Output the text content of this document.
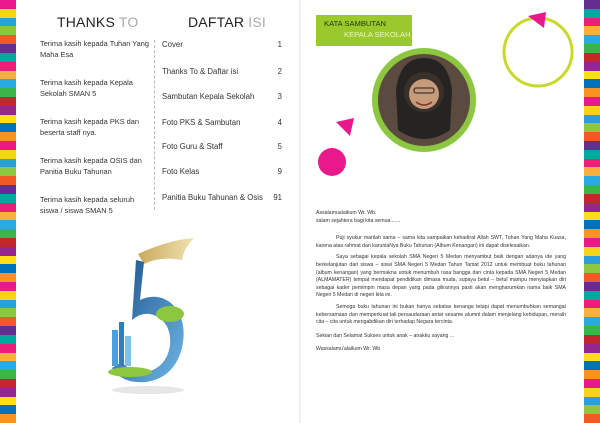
THANKS TO	DAFTAR ISI
Terima kasih kepada Tuhan Yang Maha Esa
Terima kasih kepada Kepala Sekolah SMAN 5
Terima kasih kepada PKS dan beserta staff nya.
Terima kasih kepada OSIS dan Panitia Buku Tahunan
Terima kasih kepada seluruh siswa / siswa SMAN 5
Cover	1
Thanks To & Daftar isi	2
Sambutan Kepala Sekolah	3
Foto PKS & Sambutan	4
Foto Guru & Staff	5
Foto Kelas	9
Panitia Buku Tahunan & Osis 91
KATA SAMBUTAN
KEPALA SEKOLAH

Assalamualaikum Wr. Wb.

salam sejahtera bagi kita semua ......

Puji syukur marilah sama – sama kita sampaikan kehadirat Allah SWT, Tuhan Yang Maha Kuasa, karena atas rahmat dan karuniaNya Buku Tahunan (Album Kenangan) ini dapat diselesaikan.

Saya sebagai kepala sekolah SMA Negeri 5 Medan menyambut baik dengan adanya ide yang berkelanjutan dari siswa – siswi SMA Negeri 5 Medan Tahun Tamat 2012 untuk membuat buku tahunan (album kenangan) yang bermakna untuk menumbuh rasa bangga dan cinta kepada SMA Negeri 5 Medan (ALMAMATER) tempat mendapat pendidikan dimasa muda, supaya betul – betul mampu menyiapkan diri sebagai kader pemimpin masa depan yang pada gilirannya pasti akan mengharumkan nama baik SMA Negeri 5 Medan di negeri kita ini.

Semoga buku tahunan ini bukan hanya sebatas kenanga tetapi dapat menumbuhkan semangat kebersamaan dan memperkuat tali persaudaraan antar sesame alumni dalam menjelang kehidupan, meraih cita – cita untuk mengabdikan diri terhadap Negara tercinta.

Sekian dan Selamat Sukses untuk anak – anakku sayang ...

Wassalamu'alaikum Wr. Wb
